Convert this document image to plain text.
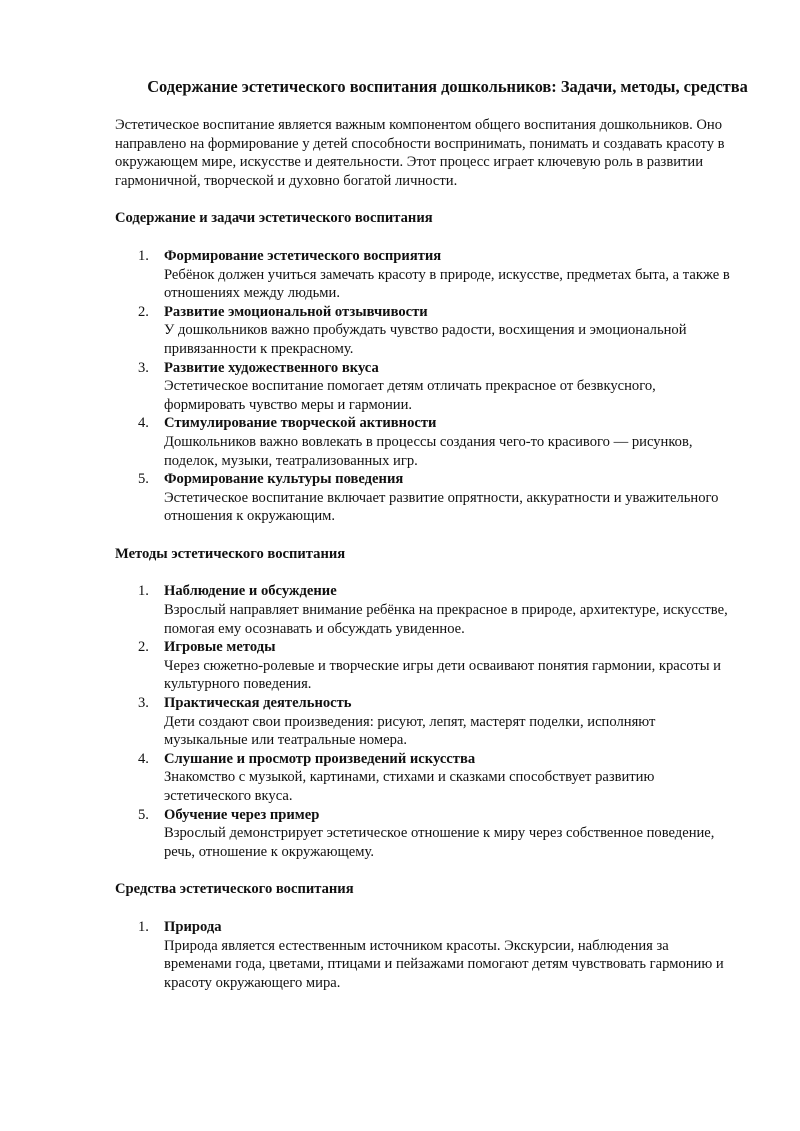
Содержание эстетического воспитания дошкольников: Задачи, методы, средства

Эстетическое воспитание является важным компонентом общего воспитания дошкольников. Оно направлено на формирование у детей способности воспринимать, понимать и создавать красоту в окружающем мире, искусстве и деятельности. Этот процесс играет ключевую роль в развитии гармоничной, творческой и духовно богатой личности.

Содержание и задачи эстетического воспитания
1. Формирование эстетического восприятия
Ребёнок должен учиться замечать красоту в природе, искусстве, предметах быта, а также в отношениях между людьми.
2. Развитие эмоциональной отзывчивости
У дошкольников важно пробуждать чувство радости, восхищения и эмоциональной привязанности к прекрасному.
3. Развитие художественного вкуса
Эстетическое воспитание помогает детям отличать прекрасное от безвкусного, формировать чувство меры и гармонии.
4. Стимулирование творческой активности
Дошкольников важно вовлекать в процессы создания чего-то красивого — рисунков, поделок, музыки, театрализованных игр.
5. Формирование культуры поведения
Эстетическое воспитание включает развитие опрятности, аккуратности и уважительного отношения к окружающим.
Методы эстетического воспитания
1. Наблюдение и обсуждение
Взрослый направляет внимание ребёнка на прекрасное в природе, архитектуре, искусстве, помогая ему осознавать и обсуждать увиденное.
2. Игровые методы
Через сюжетно-ролевые и творческие игры дети осваивают понятия гармонии, красоты и культурного поведения.
3. Практическая деятельность
Дети создают свои произведения: рисуют, лепят, мастерят поделки, исполняют музыкальные или театральные номера.
4. Слушание и просмотр произведений искусства
Знакомство с музыкой, картинами, стихами и сказками способствует развитию эстетического вкуса.
5. Обучение через пример
Взрослый демонстрирует эстетическое отношение к миру через собственное поведение, речь, отношение к окружающему.
Средства эстетического воспитания
1. Природа
Природа является естественным источником красоты. Экскурсии, наблюдения за временами года, цветами, птицами и пейзажами помогают детям чувствовать гармонию и красоту окружающего мира.
